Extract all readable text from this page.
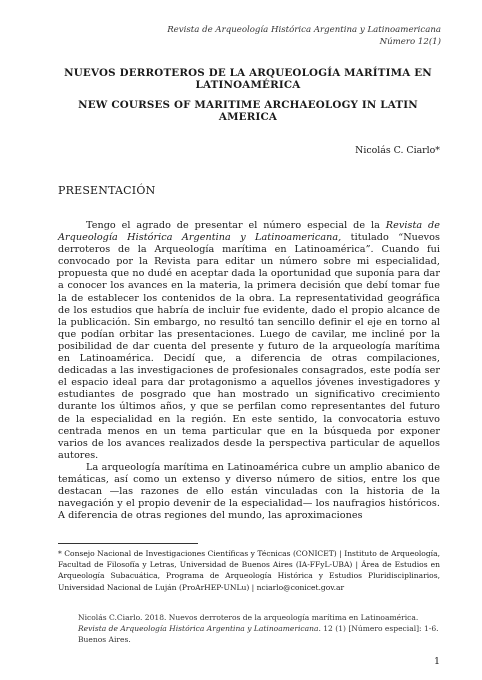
Revista de Arqueología Histórica Argentina y Latinoamericana
Número 12(1)
NUEVOS DERROTEROS DE LA ARQUEOLOGÍA MARÍTIMA EN LATINOAMÉRICA
NEW COURSES OF MARITIME ARCHAEOLOGY IN LATIN AMERICA
Nicolás C. Ciarlo*
PRESENTACIÓN

Tengo el agrado de presentar el número especial de la Revista de Arqueología Histórica Argentina y Latinoamericana, titulado “Nuevos derroteros de la Arqueología marítima en Latinoamérica”. Cuando fui convocado por la Revista para editar un número sobre mi especialidad, propuesta que no dudé en aceptar dada la oportunidad que suponía para dar a conocer los avances en la materia, la primera decisión que debí tomar fue la de establecer los contenidos de la obra. La representatividad geográfica de los estudios que habría de incluir fue evidente, dado el propio alcance de la publicación. Sin embargo, no resultó tan sencillo definir el eje en torno al que podían orbitar las presentaciones. Luego de cavilar, me incliné por la posibilidad de dar cuenta del presente y futuro de la arqueología marítima en Latinoamérica. Decidí que, a diferencia de otras compilaciones, dedicadas a las investigaciones de profesionales consagrados, este podía ser el espacio ideal para dar protagonismo a aquellos jóvenes investigadores y estudiantes de posgrado que han mostrado un significativo crecimiento durante los últimos años, y que se perfilan como representantes del futuro de la especialidad en la región. En este sentido, la convocatoria estuvo centrada menos en un tema particular que en la búsqueda por exponer varios de los avances realizados desde la perspectiva particular de aquellos autores.

La arqueología marítima en Latinoamérica cubre un amplio abanico de temáticas, así como un extenso y diverso número de sitios, entre los que destacan —las razones de ello están vinculadas con la historia de la navegación y el propio devenir de la especialidad— los naufragios históricos. A diferencia de otras regiones del mundo, las aproximaciones

* Consejo Nacional de Investigaciones Científicas y Técnicas (CONICET) | Instituto de Arqueología, Facultad de Filosofía y Letras, Universidad de Buenos Aires (IA-FFyL-UBA) | Área de Estudios en Arqueología Subacuática, Programa de Arqueología Histórica y Estudios Pluridisciplinarios, Universidad Nacional de Luján (ProArHEP-UNLu) | nciarlo@conicet.gov.ar

Nicolás C.Ciarlo. 2018. Nuevos derroteros de la arqueología marítima en Latinoamérica. Revista de Arqueología Histórica Argentina y Latinoamericana. 12 (1) [Número especial]: 1-6. Buenos Aires.

1
